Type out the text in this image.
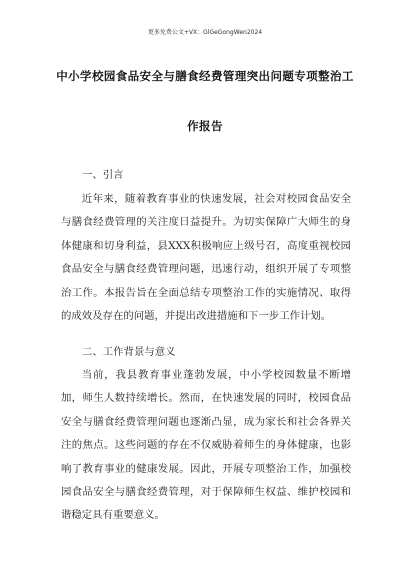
更多免费公文+VX：GlGeGongWen2024
中小学校园食品安全与膳食经费管理突出问题专项整治工
作报告
一、引言

近年来，随着教育事业的快速发展，社会对校园食品安全与膳食经费管理的关注度日益提升。为切实保障广大师生的身体健康和切身利益，县XXX积极响应上级号召，高度重视校园食品安全与膳食经费管理问题，迅速行动，组织开展了专项整治工作。本报告旨在全面总结专项整治工作的实施情况、取得的成效及存在的问题，并提出改进措施和下一步工作计划。

二、工作背景与意义

当前，我县教育事业蓬勃发展，中小学校园数量不断增加，师生人数持续增长。然而，在快速发展的同时，校园食品安全与膳食经费管理问题也逐渐凸显，成为家长和社会各界关注的焦点。这些问题的存在不仅威胁着师生的身体健康，也影响了教育事业的健康发展。因此，开展专项整治工作，加强校园食品安全与膳食经费管理，对于保障师生权益、维护校园和谐稳定具有重要意义。
